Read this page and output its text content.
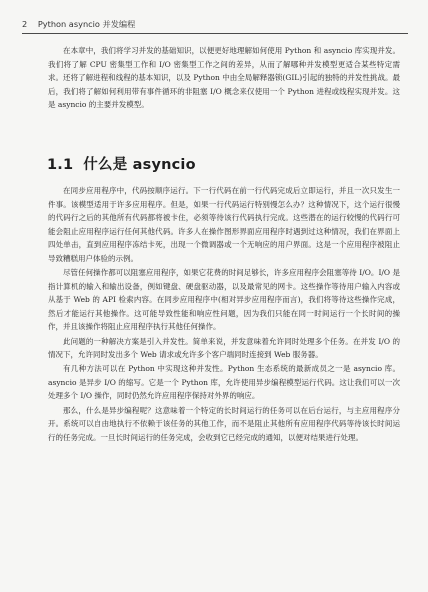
2 Python asyncio 并发编程

在本章中，我们将学习并发的基础知识，以便更好地理解如何使用 Python 和 asyncio 库实现并发。我们将了解 CPU 密集型工作和 I/O 密集型工作之间的差异，从而了解哪种并发模型更适合某些特定需求。还将了解进程和线程的基本知识，以及 Python 中由全局解释器锁(GIL)引起的独特的并发性挑战。最后，我们将了解如何利用带有事件循环的非阻塞 I/O 概念来仅使用一个 Python 进程或线程实现并发。这是 asyncio 的主要并发模型。

1.1 什么是 asyncio

在同步应用程序中，代码按顺序运行。下一行代码在前一行代码完成后立即运行，并且一次只发生一件事。该模型适用于许多应用程序。但是，如果一行代码运行特别慢怎么办？这种情况下，这个运行很慢的代码行之后的其他所有代码都将被卡住，必须等待该行代码执行完成。这些潜在的运行较慢的代码行可能会阻止应用程序运行任何其他代码。许多人在操作图形界面应用程序时遇到过这种情况，我们在界面上四处单击，直到应用程序冻结卡死，出现一个微调器或一个无响应的用户界面。这是一个应用程序被阻止导致糟糕用户体验的示例。

尽管任何操作都可以阻塞应用程序，如果它花费的时间足够长，许多应用程序会阻塞等待 I/O。I/O 是指计算机的输入和输出设备，例如键盘、硬盘驱动器，以及最常见的网卡。这些操作等待用户输入内容或从基于 Web 的 API 检索内容。在同步应用程序中(相对异步应用程序而言)，我们将等待这些操作完成，然后才能运行其他操作。这可能导致性能和响应性问题，因为我们只能在同一时间运行一个长时间的操作，并且该操作将阻止应用程序执行其他任何操作。

此问题的一种解决方案是引入并发性。简单来说，并发意味着允许同时处理多个任务。在并发 I/O 的情况下，允许同时发出多个 Web 请求或允许多个客户端同时连接到 Web 服务器。

有几种方法可以在 Python 中实现这种并发性。Python 生态系统的最新成员之一是 asyncio 库。asyncio 是异步 I/O 的缩写。它是一个 Python 库，允许使用异步编程模型运行代码。这让我们可以一次处理多个 I/O 操作，同时仍然允许应用程序保持对外界的响应。

那么，什么是异步编程呢？这意味着一个特定的长时间运行的任务可以在后台运行，与主应用程序分开。系统可以自由地执行不依赖于该任务的其他工作，而不是阻止其他所有应用程序代码等待该长时间运行的任务完成。一旦长时间运行的任务完成，会收到它已经完成的通知，以便对结果进行处理。
